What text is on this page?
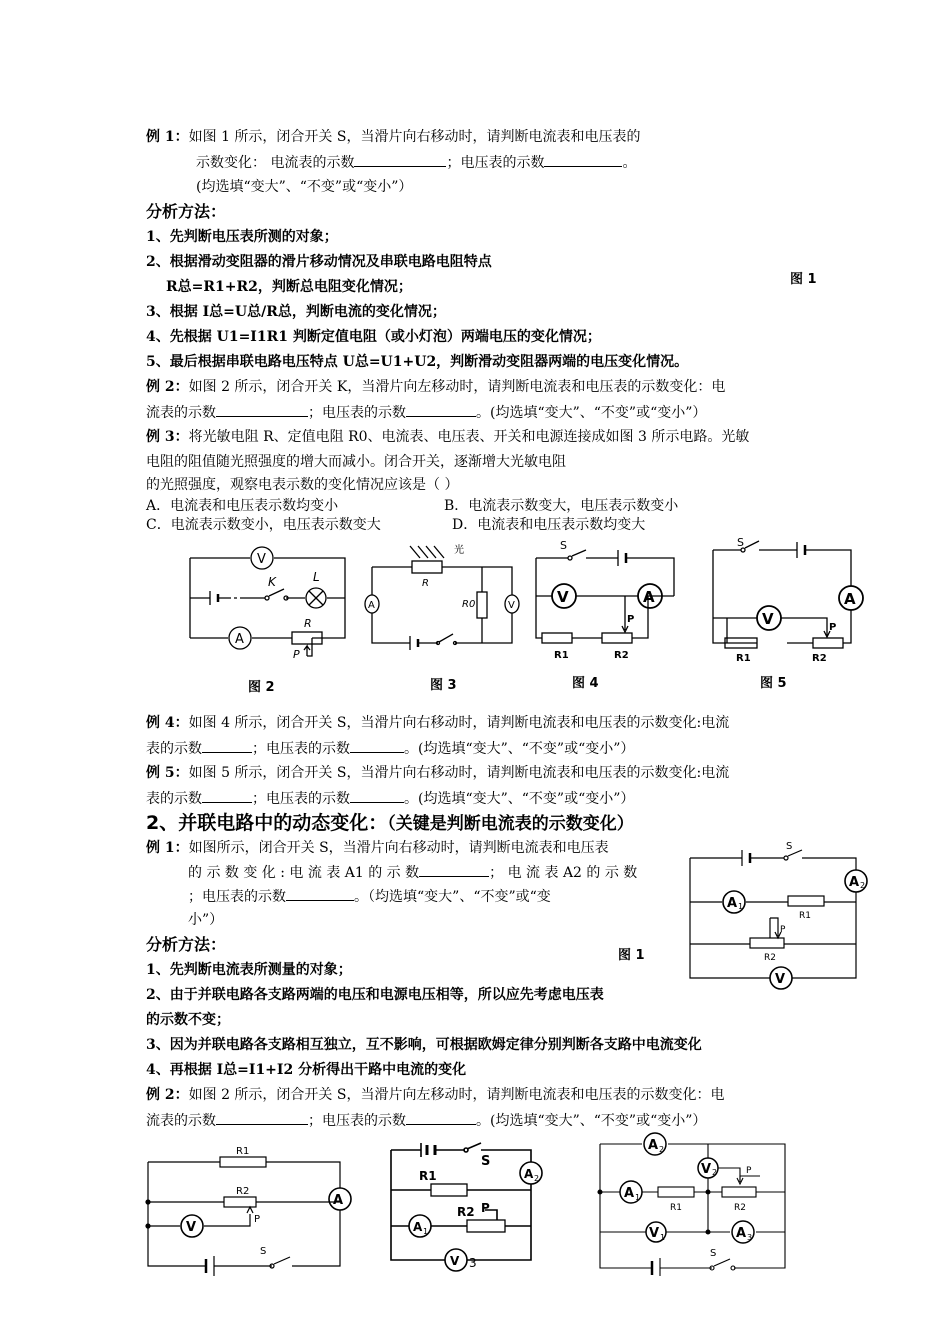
例 1：如图 1 所示，闭合开关 S，当滑片向右移动时，请判断电流表和电压表的
示数变化： 电流表的示数	；电压表的示数	。
(均选填“变大”、“不变”或“变小”）
分析方法：
1、先判断电压表所测的对象；
2、根据滑动变阻器的滑片移动情况及串联电路电阻特点
R总=R1+R2，判断总电阻变化情况；
3、根据 I总=U总/R总，判断电流的变化情况；
4、先根据 U1=I1R1 判断定值电阻（或小灯泡）两端电压的变化情况；
5、最后根据串联电路电压特点 U总=U1+U2，判断滑动变阻器两端的电压变化情况。
图 1
例 2：如图 2 所示，闭合开关 K，当滑片向左移动时，请判断电流表和电压表的示数变化：电
流表的示数	；电压表的示数	。(均选填“变大”、“不变”或“变小”）
例 3：将光敏电阻 R、定值电阻 R0、电流表、电压表、开关和电源连接成如图 3 所示电路。光敏
电阻的阻值随光照强度的增大而减小。闭合开关，逐渐增大光敏电阻
的光照强度，观察电表示数的变化情况应该是（ ）
A．电流表和电压表示数均变小	B．电流表示数变大，电压表示数变小
C．电流表示数变小，电压表示数变大	D．电流表和电压表示数均变大
V
K	L
A
R
P
图 2
R
光
R0
A	V
图 3
S
V	A
P
R1	R2
图 4
S
A
V	P
R1	R2
图 5
例 4：如图 4 所示，闭合开关 S，当滑片向右移动时，请判断电流表和电压表的示数变化:电流
表的示数	；电压表的示数	。(均选填“变大”、“不变”或“变小”）
例 5：如图 5 所示，闭合开关 S，当滑片向右移动时，请判断电流表和电压表的示数变化:电流
表的示数	；电压表的示数	。(均选填“变大”、“不变”或“变小”）
2、并联电路中的动态变化：（关键是判断电流表的示数变化）
例 1：如图所示，闭合开关 S，当滑片向右移动时，请判断电流表和电压表
的 示 数 变 化 : 电 流 表 A1 的 示 数	； 电 流 表 A2 的 示 数
；电压表的示数	。（均选填“变大”、“不变”或“变
小”）
分析方法：
图 1
S
A 2
A 1
R1
P
R2
V
1、先判断电流表所测量的对象；
2、由于并联电路各支路两端的电压和电源电压相等，所以应先考虑电压表
的示数不变；
3、因为并联电路各支路相互独立，互不影响，可根据欧姆定律分别判断各支路中电流变化
4、再根据 I总=I1+I2 分析得出干路中电流的变化
例 2：如图 2 所示，闭合开关 S，当滑片向左移动时，请判断电流表和电压表的示数变化：电
流表的示数	；电压表的示数	。(均选填“变大”、“不变”或“变小”）
R1
R2
P
A
V
S
S
A 2
R1
A 1
R2 P
V 3
A 2
V 2	P
A 1
R1	R2
V 1	A 3
S
